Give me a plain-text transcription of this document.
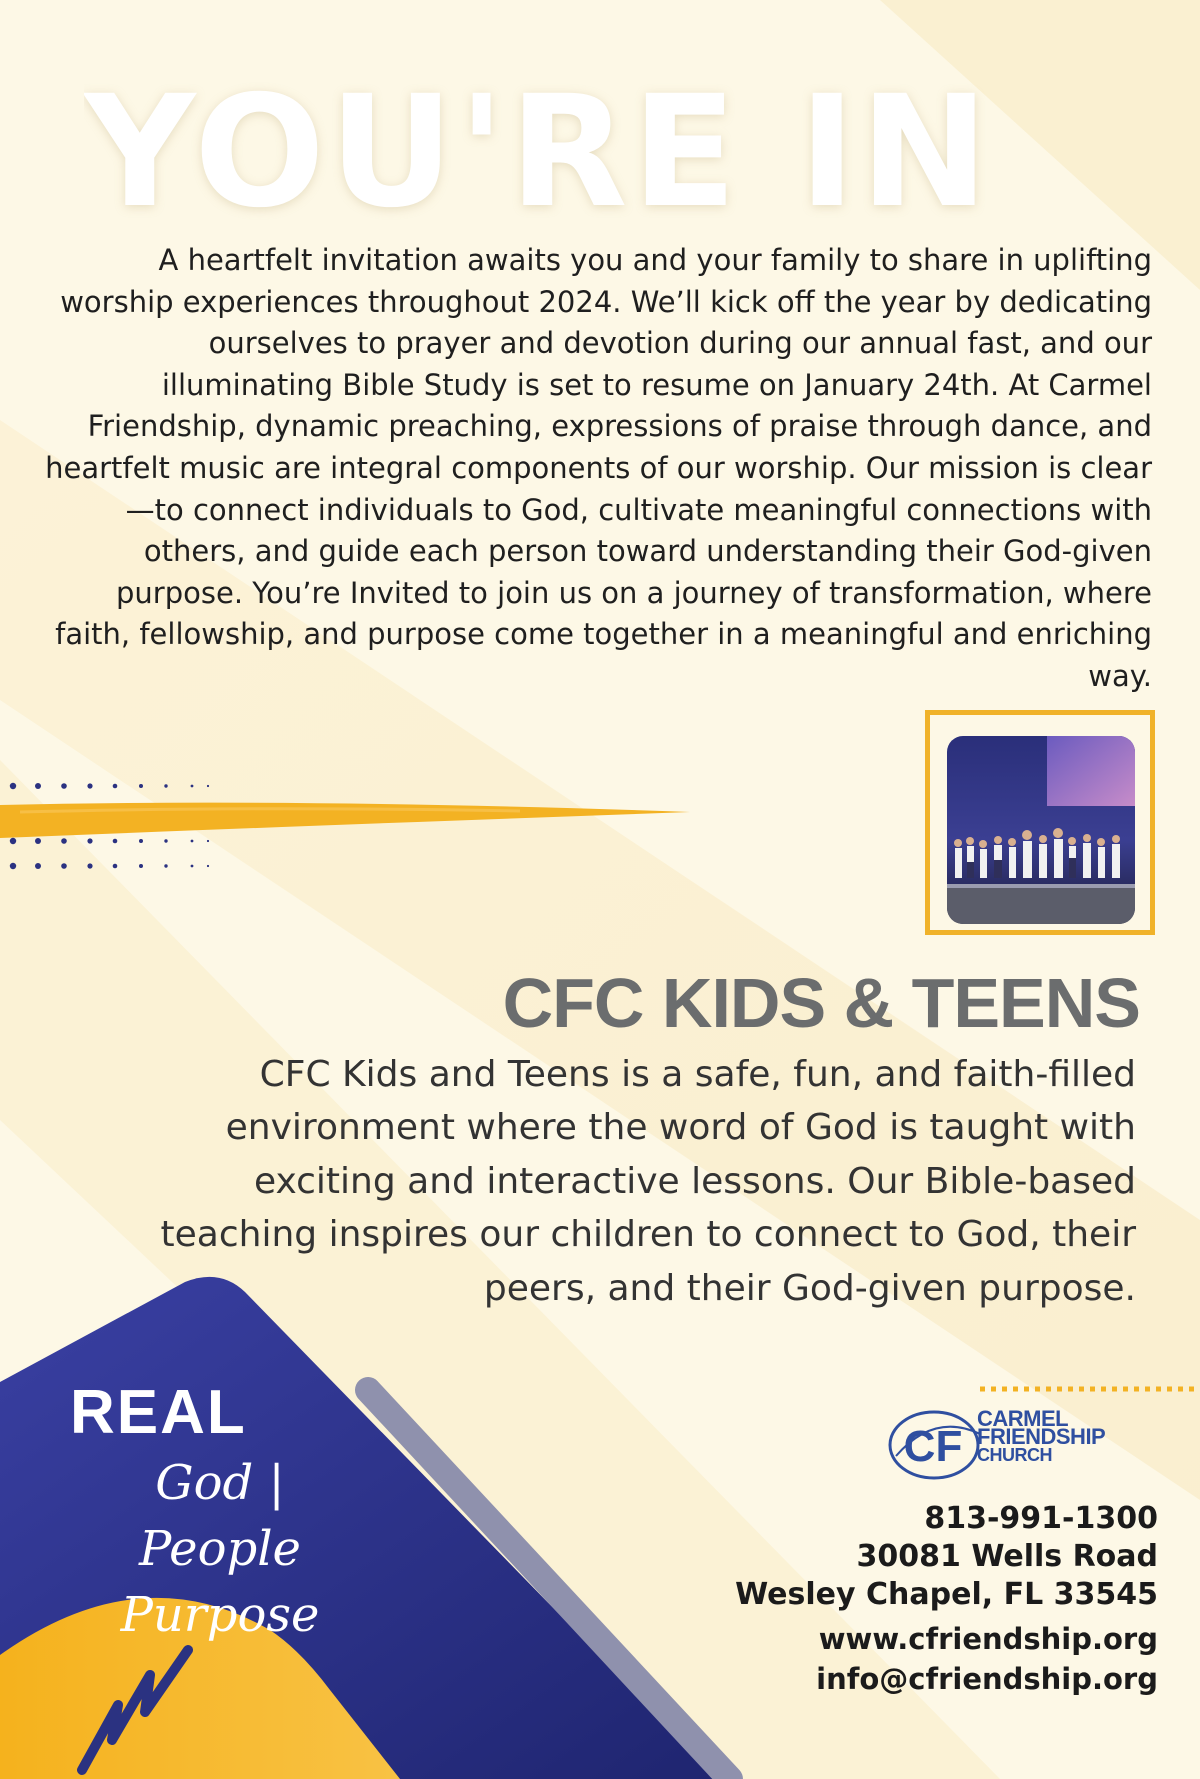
YOU'RE IN

A heartfelt invitation awaits you and your family to share in uplifting worship experiences throughout 2024. We’ll kick off the year by dedicating ourselves to prayer and devotion during our annual fast, and our illuminating Bible Study is set to resume on January 24th. At Carmel Friendship, dynamic preaching, expressions of praise through dance, and heartfelt music are integral components of our worship. Our mission is clear—to connect individuals to God, cultivate meaningful connections with others, and guide each person toward understanding their God-given purpose. You’re Invited to join us on a journey of transformation, where faith, fellowship, and purpose come together in a meaningful and enriching way.

CFC KIDS & TEENS

CFC Kids and Teens is a safe, fun, and faith-filled environment where the word of God is taught with exciting and interactive lessons. Our Bible-based teaching inspires our children to connect to God, their peers, and their God-given purpose.

REAL
God | People
Purpose
CF
CARMEL
FRIENDSHIP
CHURCH
813-991-1300
30081 Wells Road
Wesley Chapel, FL 33545
www.cfriendship.org
info@cfriendship.org
